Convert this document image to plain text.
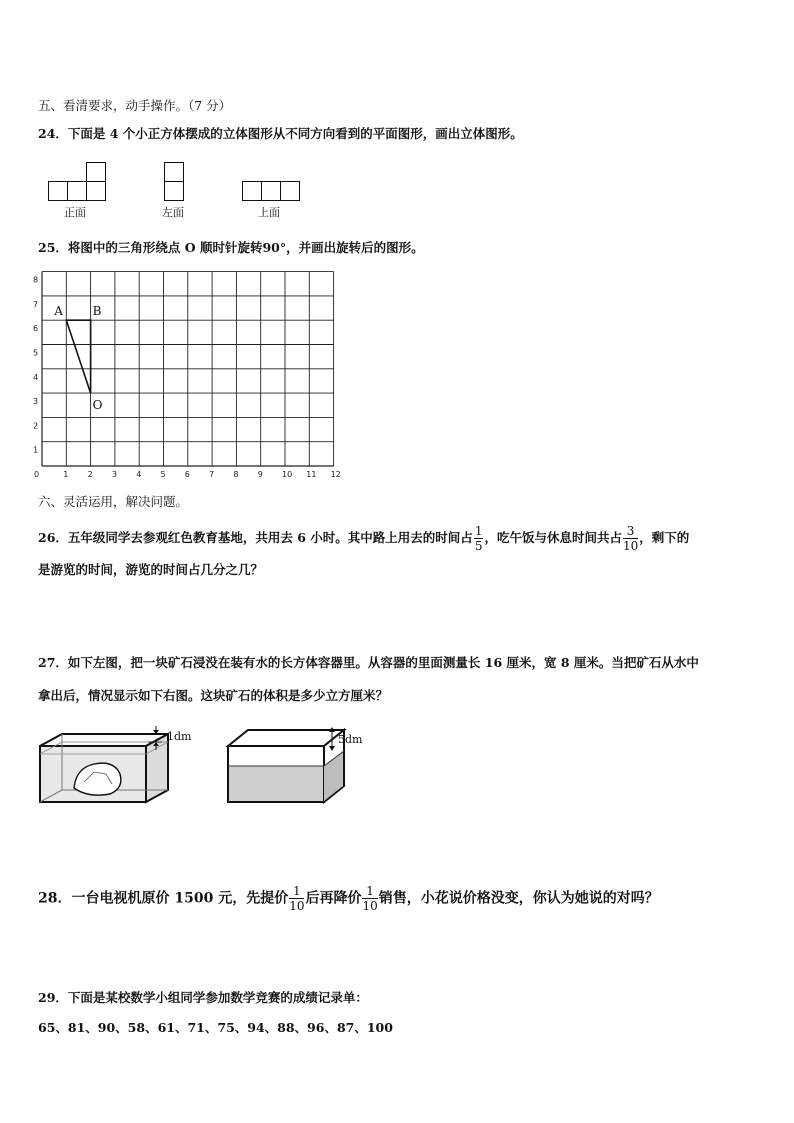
五、看清要求，动手操作。（7 分）
24．下面是 4 个小正方体摆成的立体图形从不同方向看到的平面图形，画出立体图形。
正面	左面	上面
25．将图中的三角形绕点 O 顺时针旋转90°，并画出旋转后的图形。
0	1 2 3 4 5 6 7 8 9 10 11 12
1
2
3
4
5
6
7
8
A B
O
六、灵活运用，解决问题。
26．五年级同学去参观红色教育基地，共用去 6 小时。其中路上用去的时间占 $\frac{1}{5}$ ，吃午饭与休息时间共占 $\frac{3}{10}$ ，剩下的
是游览的时间，游览的时间占几分之几？
27．如下左图，把一块矿石浸没在装有水的长方体容器里。从容器的里面测量长 16 厘米，宽 8 厘米。当把矿石从水中
拿出后，情况显示如下右图。这块矿石的体积是多少立方厘米？
1dm	5dm
28．一台电视机原价 1500 元，先提价 $\frac{1}{10}$ 后再降价 $\frac{1}{10}$ 销售，小花说价格没变，你认为她说的对吗？
29．下面是某校数学小组同学参加数学竞赛的成绩记录单：
65、81、90、58、61、71、75、94、88、96、87、100
